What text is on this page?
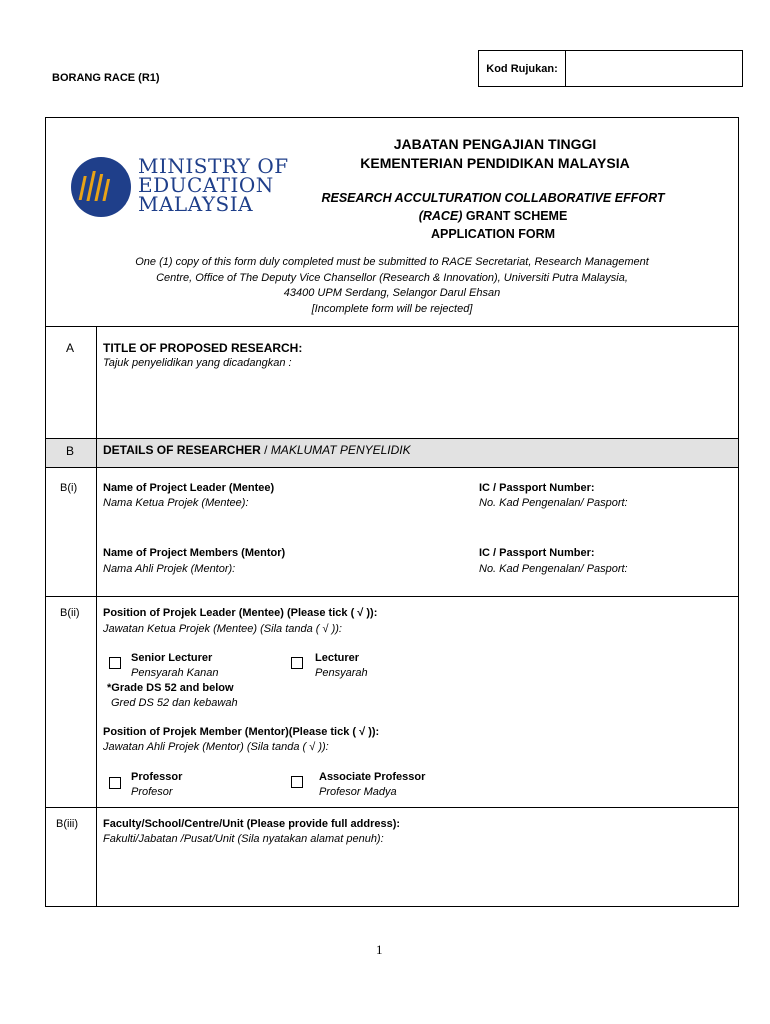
Kod Rujukan:
BORANG RACE (R1)
MINISTRY OF
EDUCATION
MALAYSIA
JABATAN PENGAJIAN TINGGI
KEMENTERIAN PENDIDIKAN MALAYSIA
RESEARCH ACCULTURATION COLLABORATIVE EFFORT
(RACE) GRANT SCHEME
APPLICATION FORM
One (1) copy of this form duly completed must be submitted to RACE Secretariat, Research Management
Centre, Office of The Deputy Vice Chansellor (Research & Innovation), Universiti Putra Malaysia,
43400 UPM Serdang, Selangor Darul Ehsan
[Incomplete form will be rejected]
A TITLE OF PROPOSED RESEARCH:
Tajuk penyelidikan yang dicadangkan :
B DETAILS OF RESEARCHER / MAKLUMAT PENYELIDIK
B(i) Name of Project Leader (Mentee)
Nama Ketua Projek (Mentee):
IC / Passport Number:
No. Kad Pengenalan/ Pasport:
Name of Project Members (Mentor)
Nama Ahli Projek (Mentor):
IC / Passport Number:
No. Kad Pengenalan/ Pasport:
B(ii) Position of Projek Leader (Mentee) (Please tick ( √ )):
Jawatan Ketua Projek (Mentee) (Sila tanda ( √ )):
Senior Lecturer
Pensyarah Kanan
*Grade DS 52 and below
Gred DS 52 dan kebawah
Lecturer
Pensyarah
Position of Projek Member (Mentor)(Please tick ( √ )):
Jawatan Ahli Projek (Mentor) (Sila tanda ( √ )):
Professor
Profesor
Associate Professor
Profesor Madya
B(iii) Faculty/School/Centre/Unit (Please provide full address):
Fakulti/Jabatan /Pusat/Unit (Sila nyatakan alamat penuh):
1
